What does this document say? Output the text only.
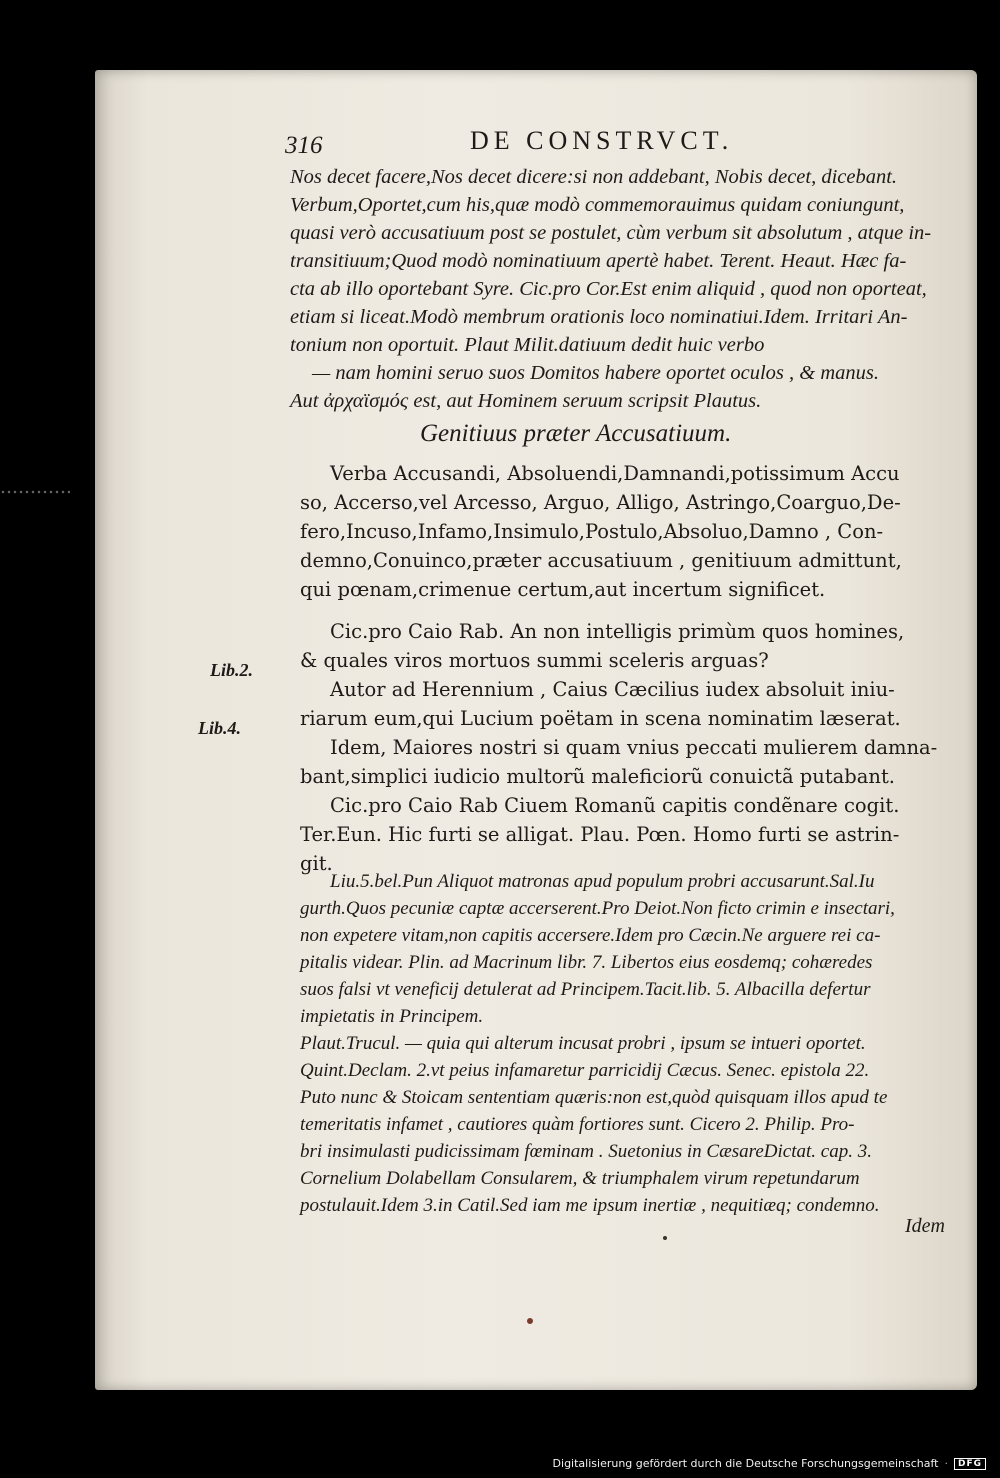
316	DE CONSTRVCT.

Nos decet facere,Nos decet dicere:si non addebant, Nobis decet, dicebant.

Verbum,Oportet,cum his,quæ modò commemorauimus quidam coniungunt,

quasi verò accusatiuum post se postulet, cùm verbum sit absolutum , atque in-

transitiuum;Quod modò nominatiuum apertè habet. Terent. Heaut. Hæc fa-

cta ab illo oportebant Syre. Cic.pro Cor.Est enim aliquid , quod non oporteat,

etiam si liceat.Modò membrum orationis loco nominatiui.Idem. Irritari An-

tonium non oportuit. Plaut Milit.datiuum dedit huic verbo

— nam homini seruo suos Domitos habere oportet oculos , & manus.

Aut ἀρχαϊσμός est, aut Hominem seruum scripsit Plautus.

Genitiuus præter Accusatiuum.

Verba Accusandi, Absoluendi,Damnandi,potissimum Accu

so, Accerso,vel Arcesso, Arguo, Alligo, Astringo,Coarguo,De-

fero,Incuso,Infamo,Insimulo,Postulo,Absoluo,Damno , Con-

demno,Conuinco,præter accusatiuum , genitiuum admittunt,

qui pœnam,crimenue certum,aut incertum significet.

Cic.pro Caio Rab. An non intelligis primùm quos homines,

& quales viros mortuos summi sceleris arguas?

Autor ad Herennium , Caius Cæcilius iudex absoluit iniu-

riarum eum,qui Lucium poëtam in scena nominatim læserat.

Idem, Maiores nostri si quam vnius peccati mulierem damna-

bant,simplici iudicio multorũ maleficiorũ conuictã putabant.

Cic.pro Caio Rab Ciuem Romanũ capitis condẽnare cogit.

Ter.Eun. Hic furti se alligat. Plau. Pœn. Homo furti se astrin-

git.

Lib.2.

Lib.4.

Liu.5.bel.Pun Aliquot matronas apud populum probri accusarunt.Sal.Iu

gurth.Quos pecuniæ captæ accerserent.Pro Deiot.Non ficto crimin e insectari,

non expetere vitam,non capitis accersere.Idem pro Cæcin.Ne arguere rei ca-

pitalis videar. Plin. ad Macrinum libr. 7. Libertos eius eosdemq; cohæredes

suos falsi vt veneficij detulerat ad Principem.Tacit.lib. 5. Albacilla defertur

impietatis in Principem.

Plaut.Trucul. — quia qui alterum incusat probri , ipsum se intueri oportet.

Quint.Declam. 2.vt peius infamaretur parricidij Cæcus. Senec. epistola 22.

Puto nunc & Stoicam sententiam quæris:non est,quòd quisquam illos apud te

temeritatis infamet , cautiores quàm fortiores sunt. Cicero 2. Philip. Pro-

bri insimulasti pudicissimam fœminam . Suetonius in CæsareDictat. cap. 3.

Cornelium Dolabellam Consularem, & triumphalem virum repetundarum

postulauit.Idem 3.in Catil.Sed iam me ipsum inertiæ , nequitiæq; condemno.

Idem

Digitalisierung gefördert durch die Deutsche Forschungsgemeinschaft ·	DFG
